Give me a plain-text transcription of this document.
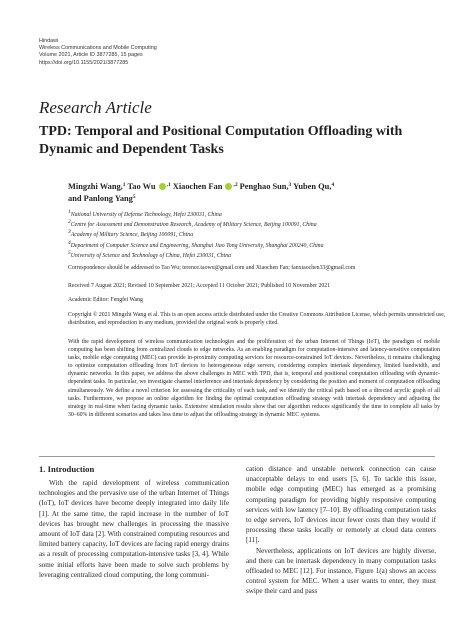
Hindawi
Wireless Communications and Mobile Computing
Volume 2021, Article ID 3877285, 15 pages
https://doi.org/10.1155/2021/3877285
Research Article
TPD: Temporal and Positional Computation Offloading with Dynamic and Dependent Tasks
Mingzhi Wang,$^1$ Tao Wu $^{,1}$ Xiaochen Fan $^{,2}$ Penghao Sun,$^3$ Yuben Qu,$^4$
and Panlong Yang$^5$
$^1$National University of Defense Technology, Hefei 230031, China
$^2$Centre for Assessment and Demonstration Research, Academy of Military Science, Beijing 100091, China
$^3$Academy of Military Science, Beijing 100091, China
$^4$Department of Computer Science and Engineering, Shanghai Jiao Tong University, Shanghai 200240, China
$^5$University of Science and Technology of China, Hefei 230031, China
Correspondence should be addressed to Tao Wu; terence.taowu@gmail.com and Xiaochen Fan; fanxiaochen33@gmail.com
Received 7 August 2021; Revised 10 September 2021; Accepted 11 October 2021; Published 10 November 2021
Academic Editor: Fengfei Wang
Copyright © 2021 Mingzhi Wang et al. This is an open access article distributed under the Creative Commons Attribution License, which permits unrestricted use, distribution, and reproduction in any medium, provided the original work is properly cited.
With the rapid development of wireless communication technologies and the proliferation of the urban Internet of Things (IoT), the paradigm of mobile computing has been shifting from centralized clouds to edge networks. As an enabling paradigm for computation-intensive and latency-sensitive computation tasks, mobile edge computing (MEC) can provide in-proximity computing services for resource-constrained IoT devices. Nevertheless, it remains challenging to optimize computation offloading from IoT devices to heterogeneous edge servers, considering complex intertask dependency, limited bandwidth, and dynamic networks. In this paper, we address the above challenges in MEC with TPD, that is, temporal and positional computation offloading with dynamic-dependent tasks. In particular, we investigate channel interference and intertask dependency by considering the position and moment of computation offloading simultaneously. We define a novel criterion for assessing the criticality of each task, and we identify the critical path based on a directed acyclic graph of all tasks. Furthermore, we propose an online algorithm for finding the optimal computation offloading strategy with intertask dependency and adjusting the strategy in real-time when facing dynamic tasks. Extensive simulation results show that our algorithm reduces significantly the time to complete all tasks by 30–60% in different scenarios and takes less time to adjust the offloading strategy in dynamic MEC systems.
1. Introduction

With the rapid development of wireless communication technologies and the pervasive use of the urban Internet of Things (IoT), IoT devices have become deeply integrated into daily life [1]. At the same time, the rapid increase in the number of IoT devices has brought new challenges in processing the massive amount of IoT data [2]. With constrained computing resources and limited battery capacity, IoT devices are facing rapid energy drains as a result of processing computation-intensive tasks [3, 4]. While some initial efforts have been made to solve such problems by leveraging centralized cloud computing, the long communi-

cation distance and unstable network connection can cause unacceptable delays to end users [5, 6]. To tackle this issue, mobile edge computing (MEC) has emerged as a promising computing paradigm for providing highly responsive computing services with low latency [7–10]. By offloading computation tasks to edge servers, IoT devices incur fewer costs than they would if processing these tasks locally or remotely at cloud data centers [11].

Nevertheless, applications on IoT devices are highly diverse, and there can be intertask dependency in many computation tasks offloaded to MEC [12]. For instance, Figure 1(a) shows an access control system for MEC. When a user wants to enter, they must swipe their card and pass
